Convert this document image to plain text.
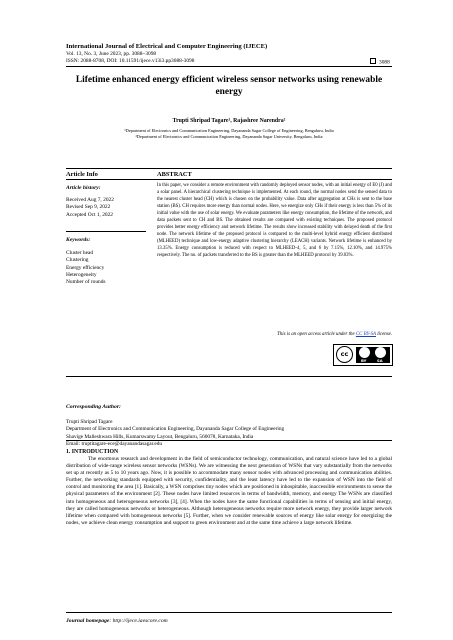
International Journal of Electrical and Computer Engineering (IJECE)
Vol. 13, No. 3, June 2023, pp. 3088~3098
ISSN: 2088-8708, DOI: 10.11591/ijece.v13i3.pp3088-3098	3088
Lifetime enhanced energy efficient wireless sensor networks using renewable energy
Trupti Shripad Tagare¹, Rajashree Narendra²
¹Department of Electronics and Communication Engineering, Dayananda Sagar College of Engineering, Bengaluru, India
²Department of Electronics and Communication Engineering, Dayananda Sagar University, Bengaluru, India
Article Info	ABSTRACT
Article history:
Received Aug 7, 2022
Revised Sep 9, 2022
Accepted Oct 1, 2022
Keywords:
Cluster head
Clustering
Energy efficiency
Heterogeneity
Number of rounds
In this paper, we consider a remote environment with randomly deployed sensor nodes, with an initial energy of E0 (J) and a solar panel. A hierarchical clustering technique is implemented. At each round, the normal nodes send the sensed data to the nearest cluster head (CH) which is chosen on the probability value. Data after aggregation at CHs is sent to the base station (BS). CH requires more energy than normal nodes. Here, we energize only CHs if their energy is less than 5% of its initial value with the use of solar energy. We evaluate parameters like energy consumption, the lifetime of the network, and data packets sent to CH and BS. The obtained results are compared with existing techniques. The proposed protocol provides better energy efficiency and network lifetime. The results show increased stability with delayed death of the first node. The network lifetime of the proposed protocol is compared to the multi-level hybrid energy efficient distributed (MLHEED) technique and low-energy adaptive clustering hierarchy (LEACH) variants. Network lifetime is enhanced by 13.35%. Energy consumption is reduced with respect to MLHEED-4, 5, and 6 by 7.15%, 12.10%, and 14.975% respectively. The no. of packets transferred to the BS is greater than the MLHEED protocol by 39.03%.
This is an open access article under the CC BY-SA license.
cc
BY	SA
Corresponding Author:
Trupti Shripad Tagare
Department of Electronics and Communication Engineering, Dayananda Sagar College of Engineering
Shavige Malleshwara Hills, Kumarswamy Layout, Bengaluru, 560078, Karnataka, India
Email: truptitagare-ece@dayanandasagar.edu
1. INTRODUCTION
The enormous research and development in the field of semiconductor technology, communication, and natural science have led to a global distribution of wide-range wireless sensor networks (WSNs). We are witnessing the next generation of WSNs that vary substantially from the networks set up at recently as 5 to 10 years ago. Now, it is possible to accommodate many sensor nodes with advanced processing and communication abilities. Further, the networking standards equipped with security, confidentiality, and the least latency have led to the expansion of WSN into the field of control and monitoring the area [1]. Basically, a WSN comprises tiny nodes which are positioned in inhospitable, inaccessible environments to sense the physical parameters of the environment [2]. These nodes have limited resources in terms of bandwidth, memory, and energy The WSNs are classified into homogeneous and heterogeneous networks [3], [4]. When the nodes have the same functional capabilities in terms of sensing and initial energy, they are called homogeneous networks or heterogeneous. Although heterogeneous networks require more network energy, they provide larger network lifetime when compared with homogeneous networks [5]. Further, when we consider renewable sources of energy like solar energy for energizing the nodes, we achieve clean energy consumption and support to green environment and at the same time achieve a large network lifetime.
Journal homepage: http://ijece.iaescore.com
